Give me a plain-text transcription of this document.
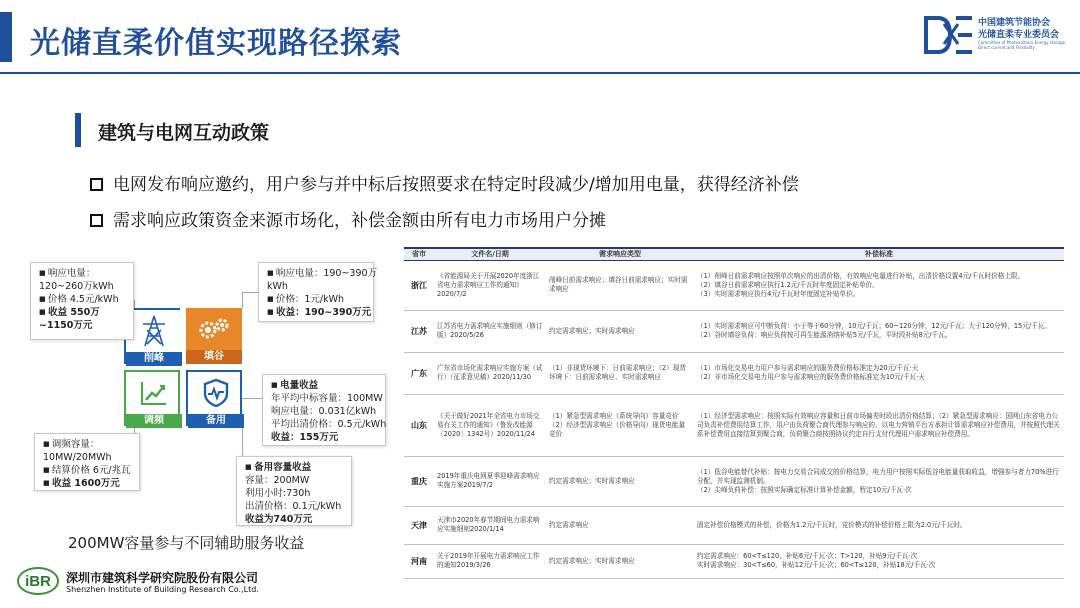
光储直柔价值实现路径探索
中国建筑节能协会
光储直柔专业委员会
Committee of Photovoltaics Energy storage Direct current and Flexibility
建筑与电网互动政策
电网发布响应邀约，用户参与并中标后按照要求在特定时段减少/增加用电量，获得经济补偿
需求响应政策资金来源市场化，补偿金额由所有电力市场用户分摊
削峰	填谷
调频	备用
■ 响应电量：
120~260万kWh
■ 价格 4.5元/kWh
■ 收益 550万
~1150万元
■ 响应电量：190~390万
kWh
■ 价格：1元/kWh
■ 收益：190~390万元
■ 电量收益
年平均中标容量：100MW
响应电量：0.031亿kWh
平均出清价格：0.5元/kWh
收益：155万元
■ 调频容量：
10MW/20MWh
■ 结算价格 6元/兆瓦
■ 收益 1600万元
■ 备用容量收益
容量：200MW
利用小时:730h
出清价格：0.1元/kWh
收益为740万元
200MW容量参与不同辅助服务收益
iBR 深圳市建筑科学研究院股份有限公司
Shenzhen Institute of Building Research Co.,Ltd.
省市	文件名/日期	需求响应类型	补偿标准
浙江	《省能源局关于开展2020年度浙江省电力需求响应工作的通知》2020/7/2	削峰日前需求响应；填谷日前需求响应；实时需求响应	（1）削峰日前需求响应按照单次响应的出清价格，有效响应电量进行补贴，出清价格设置4元/千瓦时价格上限。
（2）填谷日前需求响应执行1.2元/千瓦时年度固定补贴单价。
（3）实时需求响应执行4元/千瓦时年度固定补贴单价。
江苏	江苏省电力需求响应实施细则（修订版）2020/5/26	约定需求响应；实时需求响应	（1）实时需求响应可中断负荷：小于等于60分钟，10元/千瓦；60~120分钟，12元/千瓦；大于120分钟，15元/千瓦。
（2）谷时填谷负荷：响应负荷按可再生能源消纳补贴5元/千瓦，平时段补贴8元/千瓦。
广东	广东省市场化需求响应实施方案（试行）（征求意见稿）2020/11/30	（1）非现货环境下：日前需求响应；（2）现货环境下：日前需求响应、实时需求响应	（1）市场化交易电力用户参与需求响应的服务费价格标准定为20元/千瓦·天
（2）非市场化交易电力用户参与需求响应的服务费价格标准定为10元/千瓦·天
山东	《关于做好2021年全省电力市场交易有关工作的通知》（鲁发改能源〔2020〕1342号）2020/11/24	（1）紧急型需求响应（系统导向）容量竞价（2）经济型需求响应（价格导向）现货电能量竞价	（1）经济型需求响应：按照实际有效响应容量和日前市场偏差时段出清价格结算；（2）紧急型需求响应：国网山东省电力公司负责补偿费用结算工作，用户由负荷聚合商代理参与响应的，以电力营销平台方承担计算需求响应补偿费用，并按照代理关系补偿费用直接结算到聚合商，负荷聚合商按照协议约定自行支付代理用户需求响应补偿费用。
重庆	2019年重庆电网夏季迎峰需求响应实施方案2019/7/2	约定需求响应；实时需求响应	（1）低谷电能替代补贴：按电力交易合同成交的价格结算，电力用户按照实际低谷电能量获取收益，增强参与者力70%进行分配，并实现监测机制。
（2）尖峰负荷补偿：按照实际确定标准计算补偿金额，暂定10元/千瓦·次
天津	天津市2020年春节期间电力需求响应实施细则2020/1/14	约定需求响应	固定补偿价格模式的补偿，价格为1.2元/千瓦时，竞价模式的补偿价格上限为2.0元/千瓦时。
河南	关于2019年开展电力需求响应工作的通知2019/3/26	约定需求响应；实时需求响应	约定需求响应：60<T≤120，补贴6元/千瓦·次；T>120，补贴9元/千瓦·次
实时需求响应：30<T≤60，补贴12元/千瓦·次；60<T≤120，补贴18元/千瓦·次
